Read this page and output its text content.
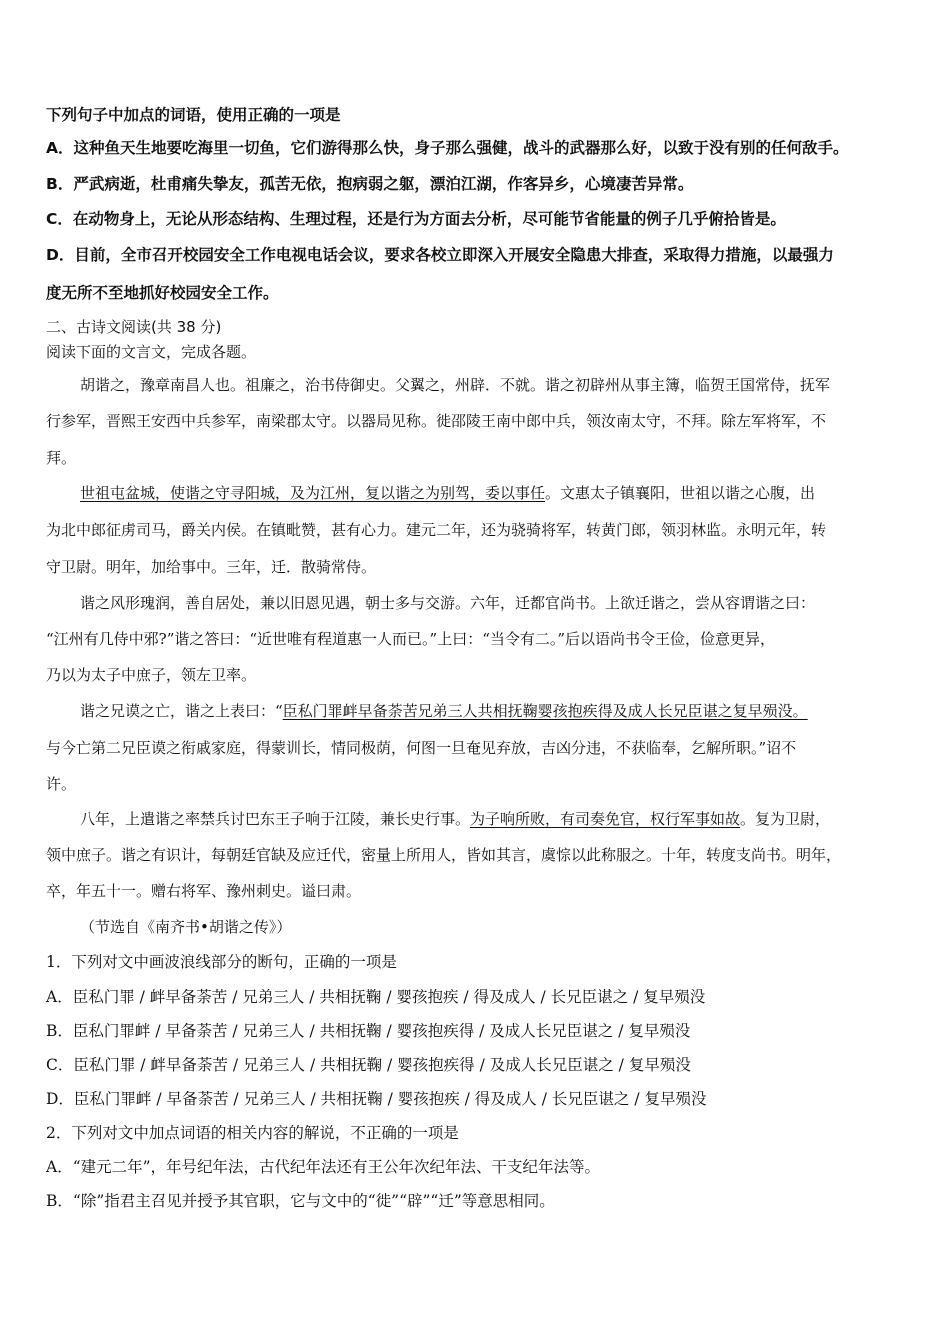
下列句子中加点的词语，使用正确的一项是
A．这种鱼天生地要吃海里一切鱼，它们游得那么快，身子那么强健，战斗的武器那么好，以致于没有别的任何敌手。
B．严武病逝，杜甫痛失挚友，孤苦无依，抱病弱之躯，漂泊江湖，作客异乡，心境凄苦异常。
C．在动物身上，无论从形态结构、生理过程，还是行为方面去分析，尽可能节省能量的例子几乎俯拾皆是。
D．目前，全市召开校园安全工作电视电话会议，要求各校立即深入开展安全隐患大排查，采取得力措施，以最强力
度无所不至地抓好校园安全工作。
二、古诗文阅读(共 38 分)
阅读下面的文言文，完成各题。
胡谐之，豫章南昌人也。祖廉之，治书侍御史。父翼之，州辟．不就。谐之初辟州从事主簿，临贺王国常侍，抚军
行参军，晋熙王安西中兵参军，南梁郡太守。以器局见称。徙邵陵王南中郎中兵，领汝南太守，不拜。除左军将军，不
拜。
世祖屯盆城，使谐之守寻阳城，及为江州，复以谐之为别驾，委以事任。文惠太子镇襄阳，世祖以谐之心腹，出
为北中郎征虏司马，爵关内侯。在镇毗赞，甚有心力。建元二年，还为骁骑将军，转黄门郎，领羽林监。永明元年，转
守卫尉。明年，加给事中。三年，迁．散骑常侍。
谐之风形瑰润，善自居处，兼以旧恩见遇，朝士多与交游。六年，迁都官尚书。上欲迁谐之，尝从容谓谐之曰：
“江州有几侍中邪?”谐之答曰：“近世唯有程道惠一人而已。”上曰：“当令有二。”后以语尚书令王俭，俭意更异，
乃以为太子中庶子，领左卫率。
谐之兄谟之亡，谐之上表曰：“臣私门罪衅早备荼苦兄弟三人共相抚鞠婴孩抱疾得及成人长兄臣谌之复早殒没。
与今亡第二兄臣谟之衔戚家庭，得蒙训长，情同极荫，何图一旦奄见弃放，吉凶分违，不获临奉，乞解所职。”诏不
许。
八年，上遣谐之率禁兵讨巴东王子响于江陵，兼长史行事。为子响所败，有司奏免官，权行军事如故。复为卫尉，
领中庶子。谐之有识计，每朝廷官缺及应迁代，密量上所用人，皆如其言，虞悰以此称服之。十年，转度支尚书。明年，
卒，年五十一。赠右将军、豫州刺史。谥曰肃。
（节选自《南齐书•胡谐之传》）
1．下列对文中画波浪线部分的断句，正确的一项是
A．臣私门罪 / 衅早备荼苦 / 兄弟三人 / 共相抚鞠 / 婴孩抱疾 / 得及成人 / 长兄臣谌之 / 复早殒没
B．臣私门罪衅 / 早备荼苦 / 兄弟三人 / 共相抚鞠 / 婴孩抱疾得 / 及成人长兄臣谌之 / 复早殒没
C．臣私门罪 / 衅早备荼苦 / 兄弟三人 / 共相抚鞠 / 婴孩抱疾得 / 及成人长兄臣谌之 / 复早殒没
D．臣私门罪衅 / 早备荼苦 / 兄弟三人 / 共相抚鞠 / 婴孩抱疾 / 得及成人 / 长兄臣谌之 / 复早殒没
2．下列对文中加点词语的相关内容的解说，不正确的一项是
A．“建元二年”，年号纪年法，古代纪年法还有王公年次纪年法、干支纪年法等。
B．“除”指君主召见并授予其官职，它与文中的“徙”“辟”“迁”等意思相同。
